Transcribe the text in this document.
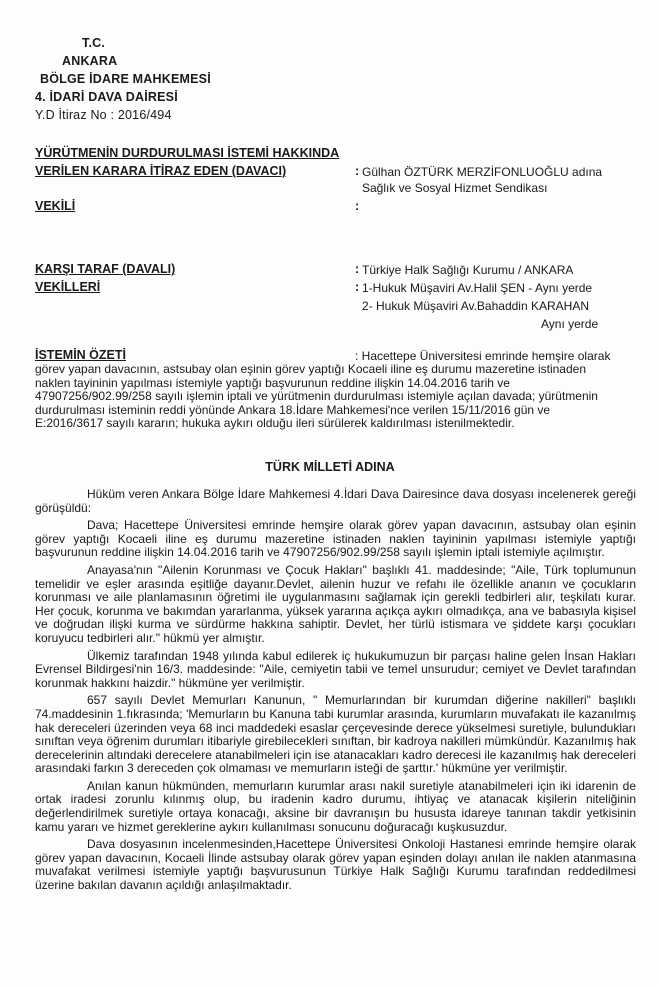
T.C.
ANKARA
BÖLGE İDARE MAHKEMESİ
4. İDARİ DAVA DAİRESİ
Y.D İtiraz No : 2016/494
YÜRÜTMENİN DURDURULMASI İSTEMİ HAKKINDA
VERİLEN KARARA İTİRAZ EDEN (DAVACI)	: Gülhan ÖZTÜRK MERZİFONLUOĞLU adına
Sağlık ve Sosyal Hizmet Sendikası
VEKİLİ	:
KARŞI TARAF (DAVALI)	: Türkiye Halk Sağlığı Kurumu / ANKARA
VEKİLLERİ	: 1-Hukuk Müşaviri Av.Halil ŞEN - Aynı yerde
2- Hukuk Müşaviri Av.Bahaddin KARAHAN
Aynı yerde
İSTEMİN ÖZETİ	: Hacettepe Üniversitesi emrinde hemşire olarak
görev yapan davacının, astsubay olan eşinin görev yaptığı Kocaeli iline eş durumu mazeretine istinaden
naklen tayininin yapılması istemiyle yaptığı başvurunun reddine ilişkin 14.04.2016 tarih ve
47907256/902.99/258 sayılı işlemin iptali ve yürütmenin durdurulması istemiyle açılan davada; yürütmenin
durdurulması isteminin reddi yönünde Ankara 18.İdare Mahkemesi'nce verilen 15/11/2016 gün ve
E:2016/3617 sayılı kararın; hukuka aykırı olduğu ileri sürülerek kaldırılması istenilmektedir.
TÜRK MİLLETİ ADINA

Hüküm veren Ankara Bölge İdare Mahkemesi 4.İdari Dava Dairesince dava dosyası incelenerek gereği görüşüldü:

Dava; Hacettepe Üniversitesi emrinde hemşire olarak görev yapan davacının, astsubay olan eşinin görev yaptığı Kocaeli iline eş durumu mazeretine istinaden naklen tayininin yapılması istemiyle yaptığı başvurunun reddine ilişkin 14.04.2016 tarih ve 47907256/902.99/258 sayılı işlemin iptali istemiyle açılmıştır.

Anayasa'nın "Ailenin Korunması ve Çocuk Hakları" başlıklı 41. maddesinde; "Aile, Türk toplumunun temelidir ve eşler arasında eşitliğe dayanır.Devlet, ailenin huzur ve refahı ile özellikle ananın ve çocukların korunması ve aile planlamasının öğretimi ile uygulanmasını sağlamak için gerekli tedbirleri alır, teşkilatı kurar. Her çocuk, korunma ve bakımdan yararlanma, yüksek yararına açıkça aykırı olmadıkça, ana ve babasıyla kişisel ve doğrudan ilişki kurma ve sürdürme hakkına sahiptir. Devlet, her türlü istismara ve şiddete karşı çocukları koruyucu tedbirleri alır." hükmü yer almıştır.

Ülkemiz tarafından 1948 yılında kabul edilerek iç hukukumuzun bir parçası haline gelen İnsan Hakları Evrensel Bildirgesi'nin 16/3. maddesinde: "Aile, cemiyetin tabii ve temel unsurudur; cemiyet ve Devlet tarafından korunmak hakkını haizdir." hükmüne yer verilmiştir.

657 sayılı Devlet Memurları Kanunun, " Memurlarından bir kurumdan diğerine nakilleri" başlıklı 74.maddesinin 1.fıkrasında; 'Memurların bu Kanuna tabi kurumlar arasında, kurumların muvafakatı ile kazanılmış hak dereceleri üzerinden veya 68 inci maddedeki esaslar çerçevesinde derece yükselmesi suretiyle, bulundukları sınıftan veya öğrenim durumları itibariyle girebilecekleri sınıftan, bir kadroya nakilleri mümkündür. Kazanılmış hak derecelerinin altındaki derecelere atanabilmeleri için ise atanacakları kadro derecesi ile kazanılmış hak dereceleri arasındaki farkın 3 dereceden çok olmaması ve memurların isteği de şarttır.' hükmüne yer verilmiştir.

Anılan kanun hükmünden, memurların kurumlar arası nakil suretiyle atanabilmeleri için iki idarenin de ortak iradesi zorunlu kılınmış olup, bu iradenin kadro durumu, ihtiyaç ve atanacak kişilerin niteliğinin değerlendirilmek suretiyle ortaya konacağı, aksine bir davranışın bu hususta idareye tanınan takdir yetkisinin kamu yararı ve hizmet gereklerine aykırı kullanılması sonucunu doğuracağı kuşkusuzdur.

Dava dosyasının incelenmesinden,Hacettepe Üniversitesi Onkoloji Hastanesi emrinde hemşire olarak görev yapan davacının, Kocaeli İlinde astsubay olarak görev yapan eşinden dolayı anılan ile naklen atanmasına muvafakat verilmesi istemiyle yaptığı başvurusunun Türkiye Halk Sağlığı Kurumu tarafından reddedilmesi üzerine bakılan davanın açıldığı anlaşılmaktadır.
